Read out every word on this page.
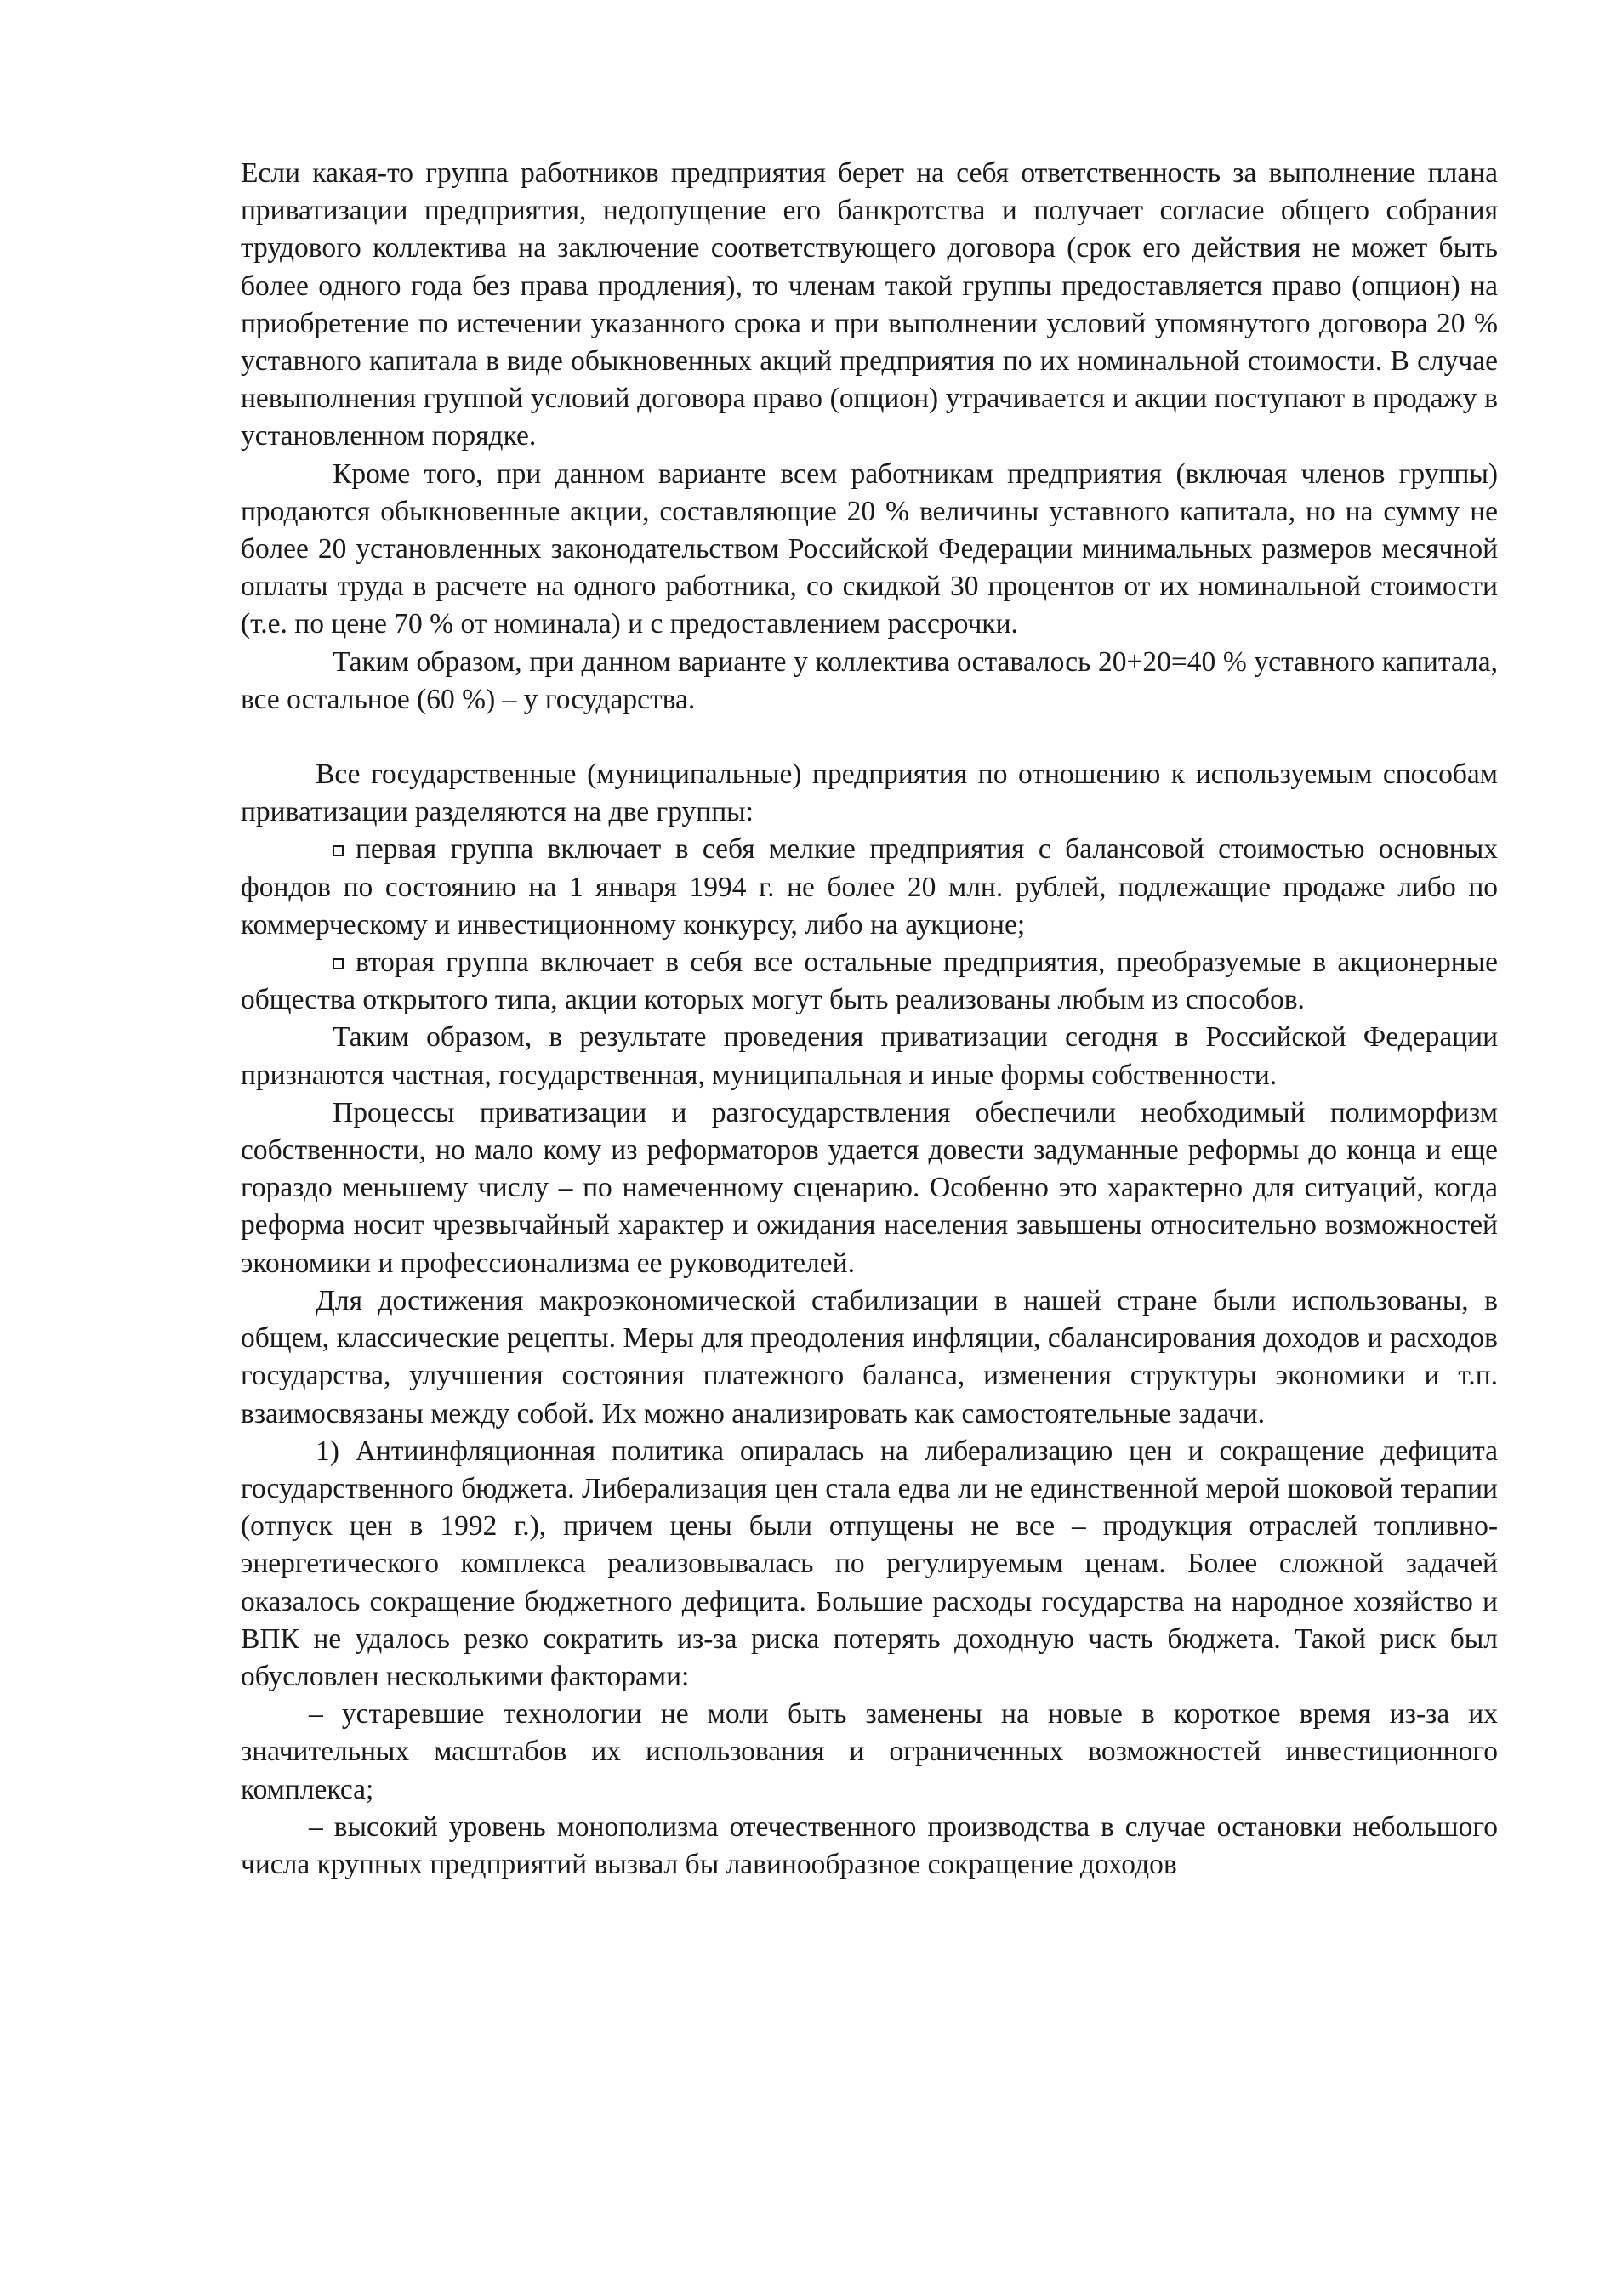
Если какая-то группа работников предприятия берет на себя ответственность за выполнение плана приватизации предприятия, недопущение его банкротства и получает согласие общего собрания трудового коллектива на заключение соответствующего договора (срок его действия не может быть более одного года без права продления), то членам такой группы предоставляется право (опцион) на приобретение по истечении указанного срока и при выполнении условий упомянутого договора 20 % уставного капитала в виде обыкновенных акций предприятия по их номинальной стоимости. В случае невыполнения группой условий договора право (опцион) утрачивается и акции поступают в продажу в установленном порядке.

Кроме того, при данном варианте всем работникам предприятия (включая членов группы) продаются обыкновенные акции, составляющие 20 % величины уставного капитала, но на сумму не более 20 установленных законодательством Российской Федерации минимальных размеров месячной оплаты труда в расчете на одного работника, со скидкой 30 процентов от их номинальной стоимости (т.е. по цене 70 % от номинала) и с предоставлением рассрочки.

Таким образом, при данном варианте у коллектива оставалось 20+20=40 % уставного капитала, все остальное (60 %) – у государства.

Все государственные (муниципальные) предприятия по отношению к используемым способам приватизации разделяются на две группы:

первая группа включает в себя мелкие предприятия с балансовой стоимостью основных фондов по состоянию на 1 января 1994 г. не более 20 млн. рублей, подлежащие продаже либо по коммерческому и инвестиционному конкурсу, либо на аукционе;

вторая группа включает в себя все остальные предприятия, преобразуемые в акционерные общества открытого типа, акции которых могут быть реализованы любым из способов.

Таким образом, в результате проведения приватизации сегодня в Российской Федерации признаются частная, государственная, муниципальная и иные формы собственности.

Процессы приватизации и разгосударствления обеспечили необходимый полиморфизм собственности, но мало кому из реформаторов удается довести задуманные реформы до конца и еще гораздо меньшему числу – по намеченному сценарию. Особенно это характерно для ситуаций, когда реформа носит чрезвычайный характер и ожидания населения завышены относительно возможностей экономики и профессионализма ее руководителей.

Для достижения макроэкономической стабилизации в нашей стране были использованы, в общем, классические рецепты. Меры для преодоления инфляции, сбалансирования доходов и расходов государства, улучшения состояния платежного баланса, изменения структуры экономики и т.п. взаимосвязаны между собой. Их можно анализировать как самостоятельные задачи.

1) Антиинфляционная политика опиралась на либерализацию цен и сокращение дефицита государственного бюджета. Либерализация цен стала едва ли не единственной мерой шоковой терапии (отпуск цен в 1992 г.), причем цены были отпущены не все – продукция отраслей топливно-энергетического комплекса реализовывалась по регулируемым ценам. Более сложной задачей оказалось сокращение бюджетного дефицита. Большие расходы государства на народное хозяйство и ВПК не удалось резко сократить из-за риска потерять доходную часть бюджета. Такой риск был обусловлен несколькими факторами:

– устаревшие технологии не моли быть заменены на новые в короткое время из-за их значительных масштабов их использования и ограниченных возможностей инвестиционного комплекса;

– высокий уровень монополизма отечественного производства в случае остановки небольшого числа крупных предприятий вызвал бы лавинообразное сокращение доходов
